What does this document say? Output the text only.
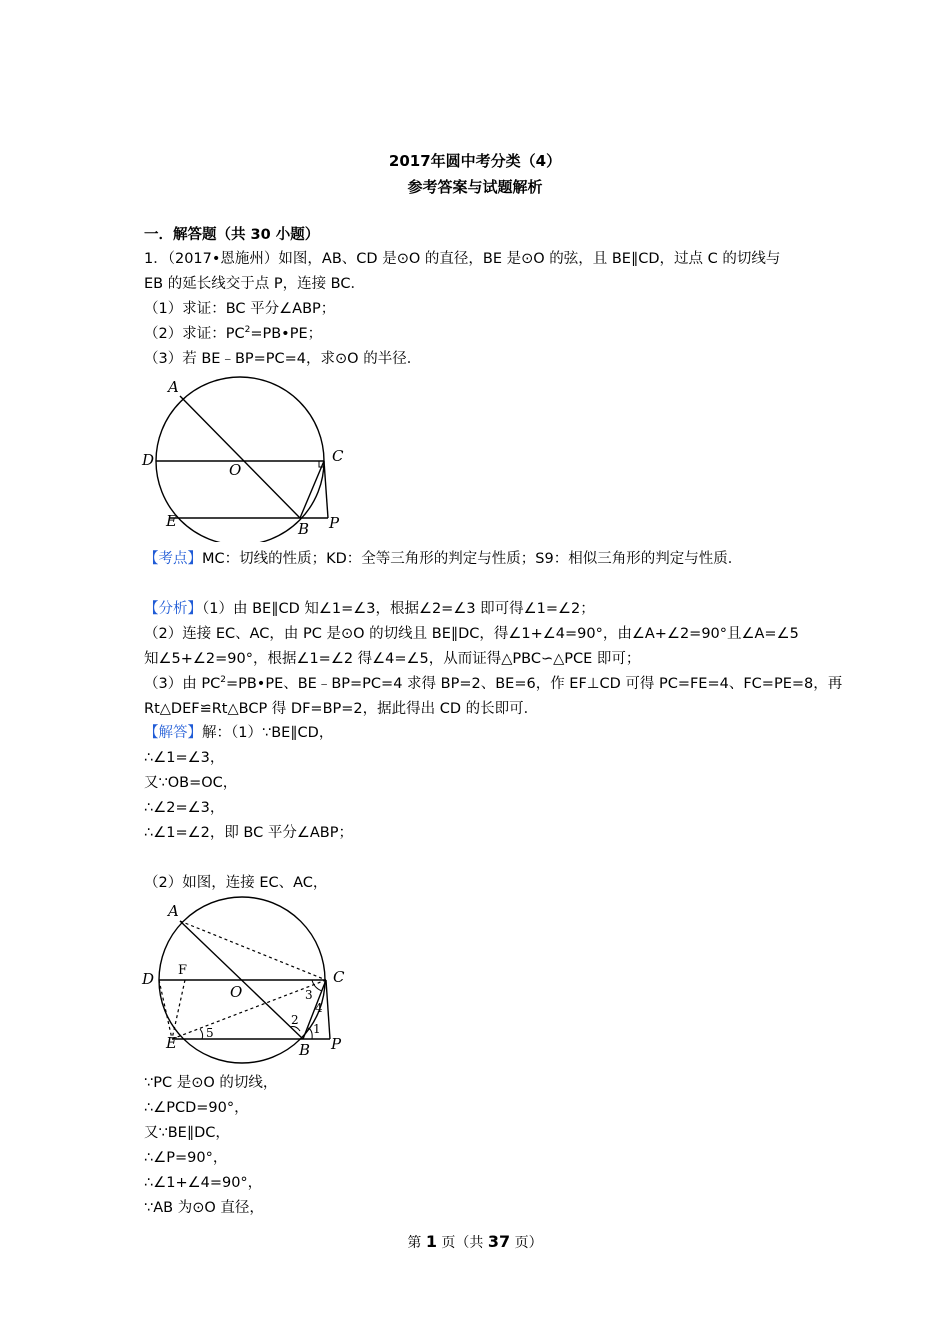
2017年圆中考分类（4）
参考答案与试题解析
一．解答题（共 30 小题）
1．（2017•恩施州）如图，AB、CD 是⊙O 的直径，BE 是⊙O 的弦，且 BE∥CD，过点 C 的切线与
EB 的延长线交于点 P，连接 BC．
（1）求证：BC 平分∠ABP；
（2）求证：$PC^2=PB•PE$；
（3）若 BE﹣BP=PC=4，求⊙O 的半径．
A
D
O
C
E	B P
【考点】MC：切线的性质；KD：全等三角形的判定与性质；S9：相似三角形的判定与性质．
【分析】（1）由 BE∥CD 知∠1=∠3，根据∠2=∠3 即可得∠1=∠2；
（2）连接 EC、AC，由 PC 是⊙O 的切线且 BE∥DC，得∠1+∠4=90°，由∠A+∠2=90°且∠A=∠5
知∠5+∠2=90°，根据∠1=∠2 得∠4=∠5，从而证得△PBC∽△PCE 即可；
（3）由 $PC^2=PB•PE$、BE﹣BP=PC=4 求得 BP=2、BE=6，作 EF⊥CD 可得 PC=FE=4、FC=PE=8，再
Rt△DEF≌Rt△BCP 得 DF=BP=2，据此得出 CD 的长即可．
【解答】解：（1）∵BE∥CD，
∴∠1=∠3，
又∵OB=OC，
∴∠2=∠3，
∴∠1=∠2，即 BC 平分∠ABP；
（2）如图，连接 EC、AC，
A
D F
O
C
3
4
2
1
5
E	B P
∵PC 是⊙O 的切线，
∴∠PCD=90°，
又∵BE∥DC，
∴∠P=90°，
∴∠1+∠4=90°，
∵AB 为⊙O 直径，
第 1 页（共 37 页）
